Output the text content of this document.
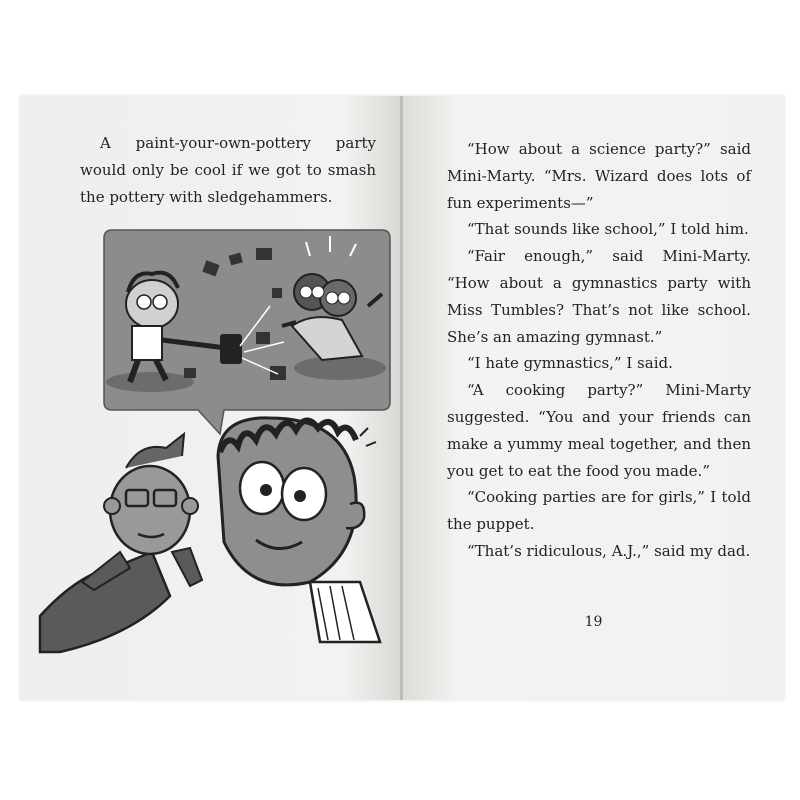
A paint-your-own-pottery party would only be cool if we got to smash the pottery with sledgehammers.

“How about a science party?” said Mini-Marty. “Mrs. Wizard does lots of fun experiments—”

“That sounds like school,” I told him.

“Fair enough,” said Mini-Marty. “How about a gymnastics party with Miss Tumbles? That’s not like school. She’s an amazing gymnast.”

“I hate gymnastics,” I said.

“A cooking party?” Mini-Marty suggested. “You and your friends can make a yummy meal together, and then you get to eat the food you made.”

“Cooking parties are for girls,” I told the puppet.

“That’s ridiculous, A.J.,” said my dad.

19
